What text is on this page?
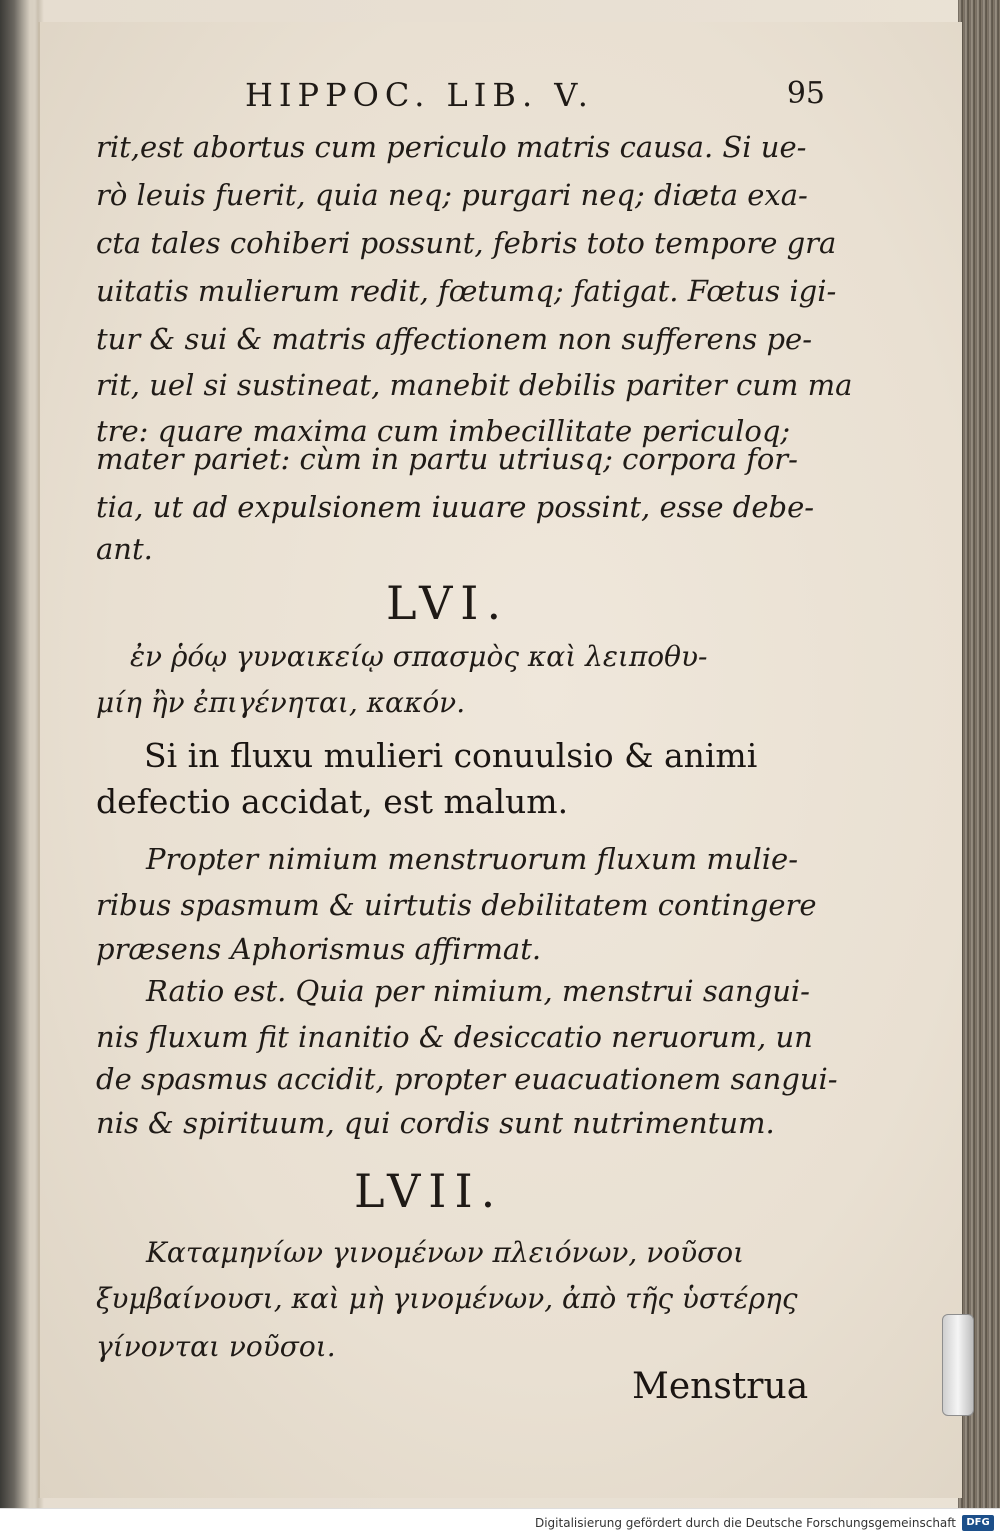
HIPPOC. LIB. V.	95
rit,est abortus cum periculo matris causa. Si ue-
rò leuis fuerit, quia neq; purgari neq; diæta exa-
cta tales cohiberi possunt, febris toto tempore gra
uitatis mulierum redit, fœtumq; fatigat. Fœtus igi-
tur & sui & matris affectionem non sufferens pe-
rit, uel si sustineat, manebit debilis pariter cum ma
tre: quare maxima cum imbecillitate periculoq;
mater pariet: cùm in partu utriusq; corpora for-
tia, ut ad expulsionem iuuare possint, esse debe-
ant.
LVI.
ἐν ῥόῳ γυναικείῳ σπασμὸς καὶ λειποθυ-
μίη ἢν ἐπιγένηται, κακόν.
Si in fluxu mulieri conuulsio & animi
defectio accidat, est malum.
Propter nimium menstruorum fluxum mulie-
ribus spasmum & uirtutis debilitatem contingere
præsens Aphorismus affirmat.
Ratio est. Quia per nimium, menstrui sangui-
nis fluxum fit inanitio & desiccatio neruorum, un
de spasmus accidit, propter euacuationem sangui-
nis & spirituum, qui cordis sunt nutrimentum.
LVII.
Καταμηνίων γινομένων πλειόνων, νοῦσοι
ξυμβαίνουσι, καὶ μὴ γινομένων, ἀπὸ τῆς ὑστέρης
γίνονται νοῦσοι.
Menstrua
Digitalisierung gefördert durch die Deutsche Forschungsgemeinschaft	DFG
